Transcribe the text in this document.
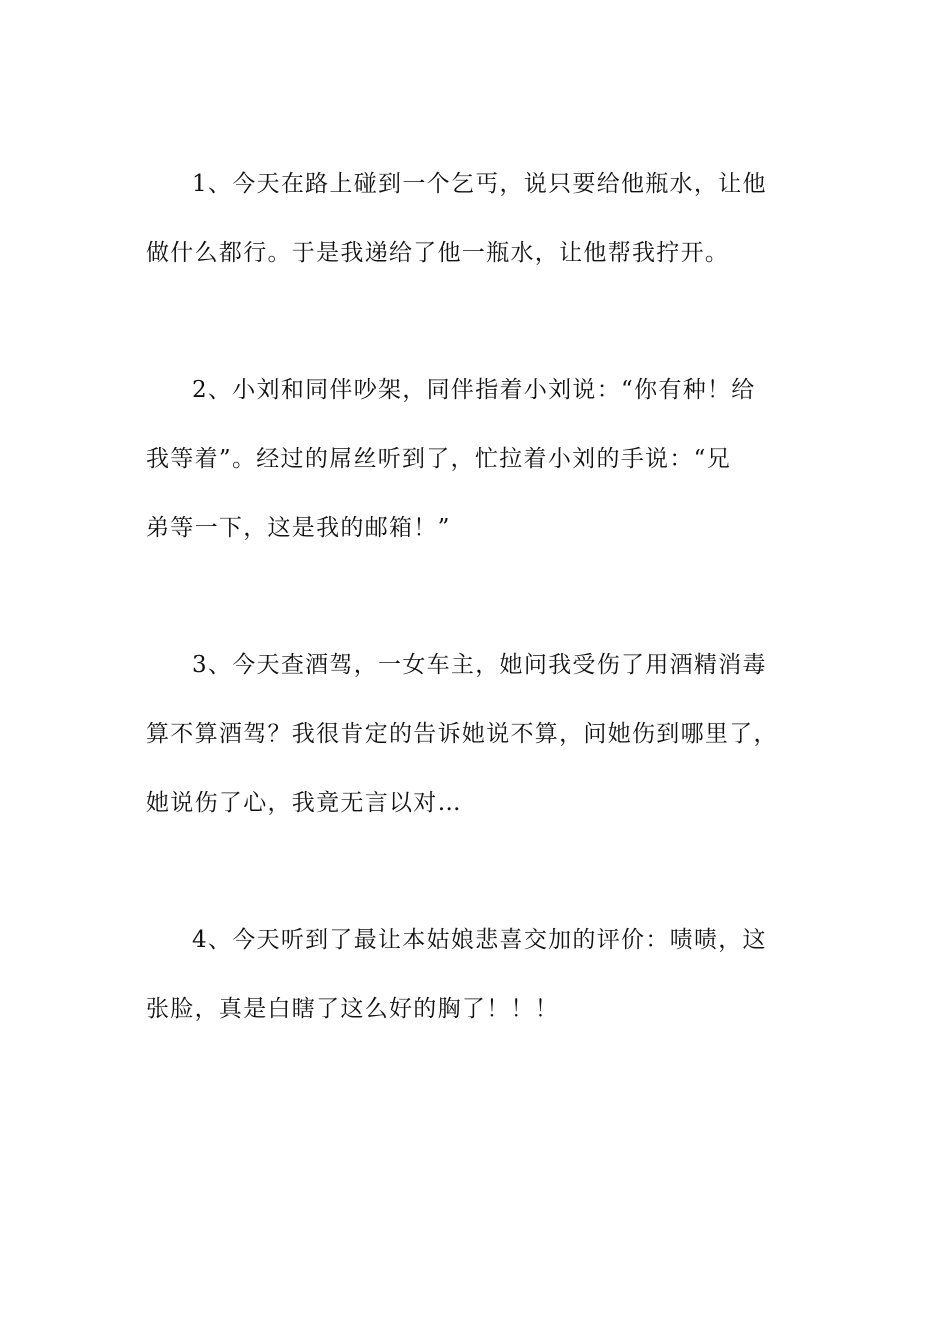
1、今天在路上碰到一个乞丐，说只要给他瓶水，让他
做什么都行。于是我递给了他一瓶水，让他帮我拧开。

2、小刘和同伴吵架，同伴指着小刘说：“你有种！给
我等着”。经过的屌丝听到了，忙拉着小刘的手说：“兄
弟等一下，这是我的邮箱！”

3、今天查酒驾，一女车主，她问我受伤了用酒精消毒
算不算酒驾？我很肯定的告诉她说不算，问她伤到哪里了，
她说伤了心，我竟无言以对…

4、今天听到了最让本姑娘悲喜交加的评价：啧啧，这
张脸，真是白瞎了这么好的胸了！！！
